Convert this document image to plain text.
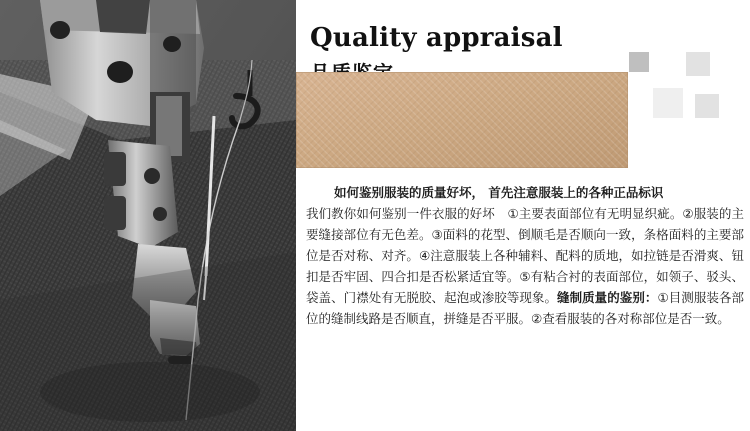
Quality appraisal

如何鉴别服装的质量好坏， 首先注意服装上的各种正品标识

我们教你如何鉴别一件衣服的好坏　①主要表面部位有无明显织疵。②服装的主要缝接部位有无色差。③面料的花型、倒顺毛是否顺向一致，条格面料的主要部位是否对称、对齐。④注意服装上各种辅料、配料的质地，如拉链是否滑爽、钮扣是否牢固、四合扣是否松紧适宜等。⑤有粘合衬的表面部位，如领子、驳头、袋盖、门襟处有无脱胶、起泡或渗胶等现象。缝制质量的鉴别：①目测服装各部位的缝制线路是否顺直，拼缝是否平服。②查看服装的各对称部位是否一致。
